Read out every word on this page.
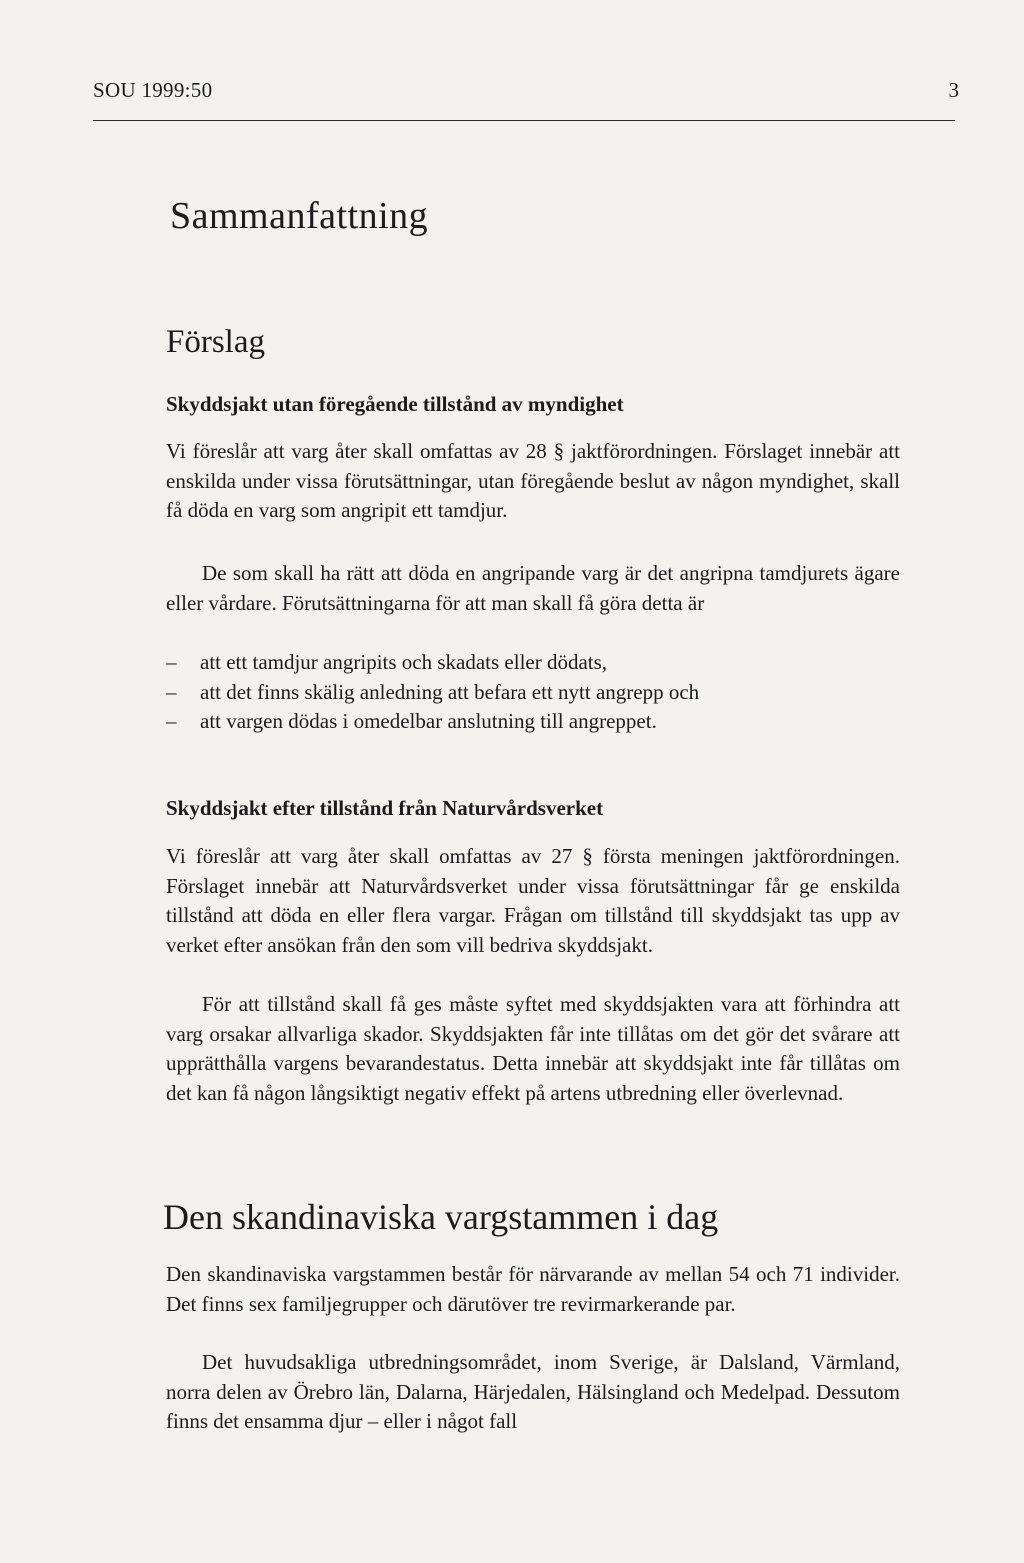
SOU 1999:50	3
Sammanfattning
Förslag
Skyddsjakt utan föregående tillstånd av myndighet

Vi föreslår att varg åter skall omfattas av 28 § jaktförordningen. Förslaget innebär att enskilda under vissa förutsättningar, utan föregående beslut av någon myndighet, skall få döda en varg som angripit ett tamdjur.

De som skall ha rätt att döda en angripande varg är det angripna tamdjurets ägare eller vårdare. Förutsättningarna för att man skall få göra detta är

– att ett tamdjur angripits och skadats eller dödats,
– att det finns skälig anledning att befara ett nytt angrepp och
– att vargen dödas i omedelbar anslutning till angreppet.
Skyddsjakt efter tillstånd från Naturvårdsverket

Vi föreslår att varg åter skall omfattas av 27 § första meningen jaktförordningen. Förslaget innebär att Naturvårdsverket under vissa förutsättningar får ge enskilda tillstånd att döda en eller flera vargar. Frågan om tillstånd till skyddsjakt tas upp av verket efter ansökan från den som vill bedriva skyddsjakt.

För att tillstånd skall få ges måste syftet med skyddsjakten vara att förhindra att varg orsakar allvarliga skador. Skyddsjakten får inte tillåtas om det gör det svårare att upprätthålla vargens bevarandestatus. Detta innebär att skyddsjakt inte får tillåtas om det kan få någon långsiktigt negativ effekt på artens utbredning eller överlevnad.

Den skandinaviska vargstammen i dag

Den skandinaviska vargstammen består för närvarande av mellan 54 och 71 individer. Det finns sex familjegrupper och därutöver tre revirmarkerande par.

Det huvudsakliga utbredningsområdet, inom Sverige, är Dalsland, Värmland, norra delen av Örebro län, Dalarna, Härjedalen, Hälsingland och Medelpad. Dessutom finns det ensamma djur – eller i något fall
